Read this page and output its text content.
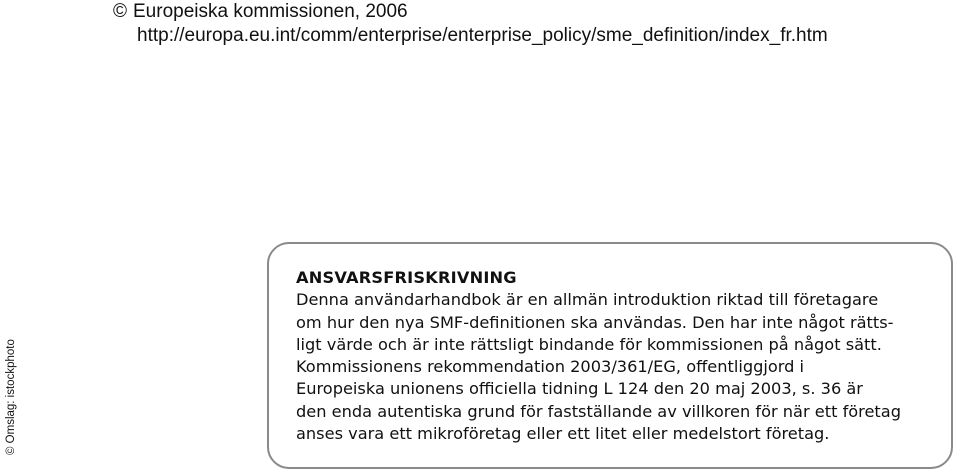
© Europeiska kommissionen, 2006
http://europa.eu.int/comm/enterprise/enterprise_policy/sme_definition/index_fr.htm
© Omslag: istockphoto
ANSVARSFRISKRIVNING
Denna användarhandbok är en allmän introduktion riktad till företagare
om hur den nya SMF-definitionen ska användas. Den har inte något rätts-
ligt värde och är inte rättsligt bindande för kommissionen på något sätt.
Kommissionens rekommendation 2003/361/EG, offentliggjord i
Europeiska unionens officiella tidning L 124 den 20 maj 2003, s. 36 är
den enda autentiska grund för fastställande av villkoren för när ett företag
anses vara ett mikroföretag eller ett litet eller medelstort företag.
